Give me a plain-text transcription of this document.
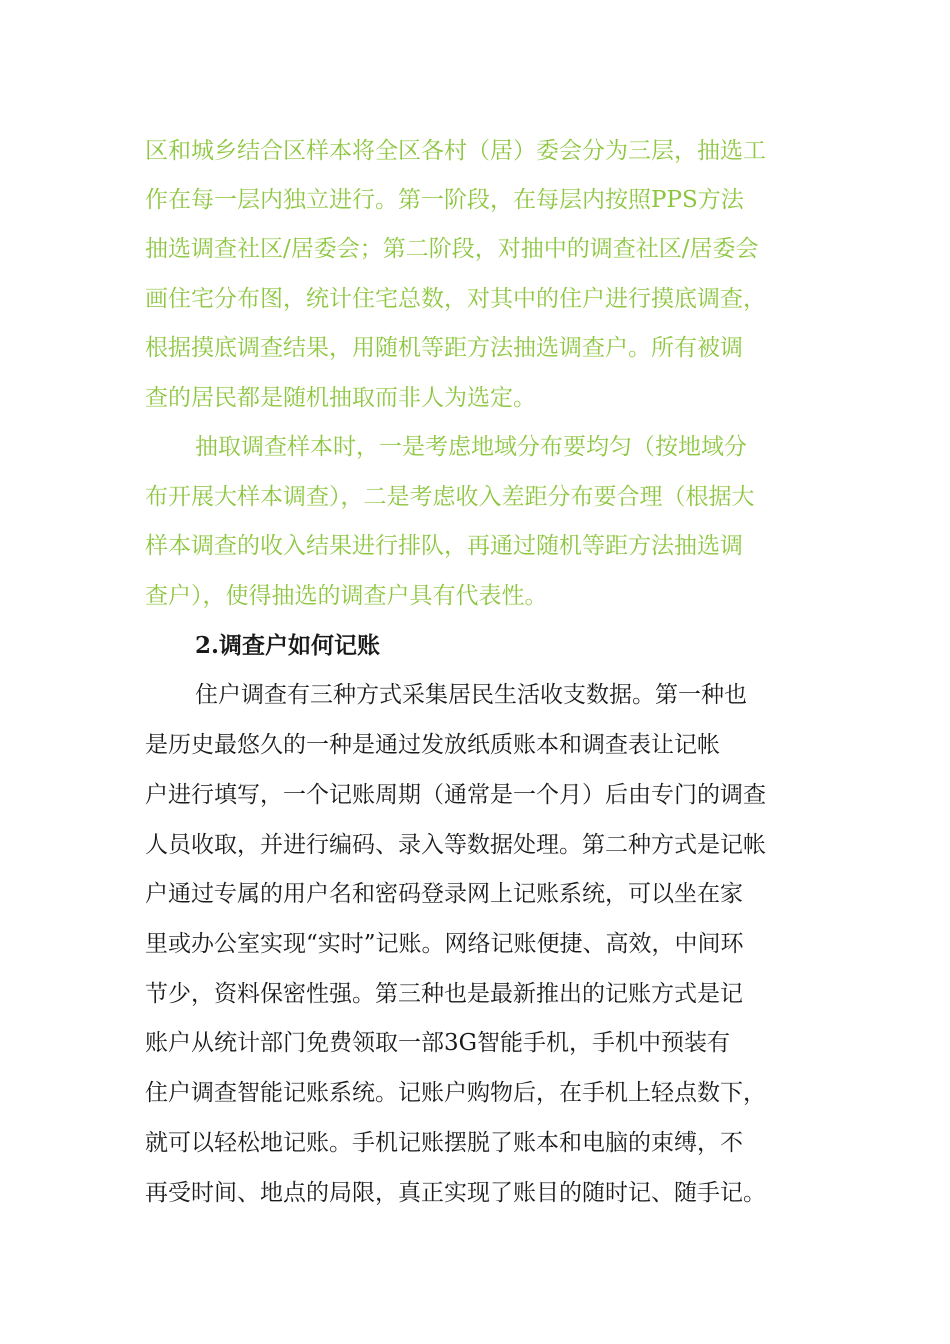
区和城乡结合区样本将全区各村（居）委会分为三层，抽选工
作在每一层内独立进行。第一阶段，在每层内按照PPS方法
抽选调查社区/居委会；第二阶段，对抽中的调查社区/居委会
画住宅分布图，统计住宅总数，对其中的住户进行摸底调查，
根据摸底调查结果，用随机等距方法抽选调查户。所有被调
查的居民都是随机抽取而非人为选定。
抽取调查样本时，一是考虑地域分布要均匀（按地域分
布开展大样本调查），二是考虑收入差距分布要合理（根据大
样本调查的收入结果进行排队，再通过随机等距方法抽选调
查户），使得抽选的调查户具有代表性。
2.调查户如何记账
住户调查有三种方式采集居民生活收支数据。第一种也
是历史最悠久的一种是通过发放纸质账本和调查表让记帐
户进行填写，一个记账周期（通常是一个月）后由专门的调查
人员收取，并进行编码、录入等数据处理。第二种方式是记帐
户通过专属的用户名和密码登录网上记账系统，可以坐在家
里或办公室实现“实时”记账。网络记账便捷、高效，中间环
节少，资料保密性强。第三种也是最新推出的记账方式是记
账户从统计部门免费领取一部3G智能手机，手机中预装有
住户调查智能记账系统。记账户购物后，在手机上轻点数下，
就可以轻松地记账。手机记账摆脱了账本和电脑的束缚，不
再受时间、地点的局限，真正实现了账目的随时记、随手记。
